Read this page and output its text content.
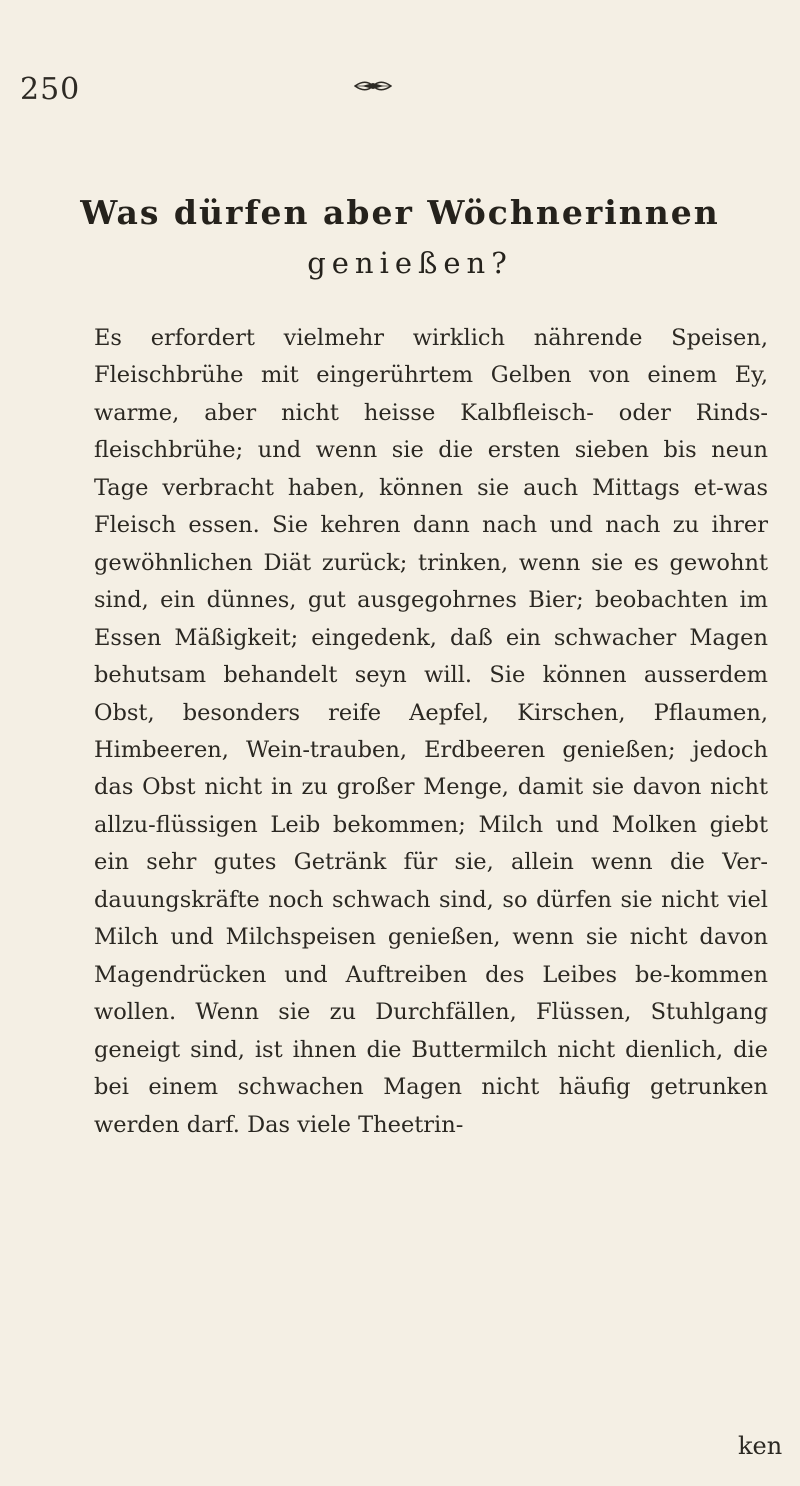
250
Was dürfen aber Wöchnerinnen
genießen?

Es erfordert vielmehr wirklich nährende Speisen, Fleischbrühe mit eingerührtem Gelben von einem Ey, warme, aber nicht heisse Kalbfleisch- oder Rinds-fleischbrühe; und wenn sie die ersten sieben bis neun Tage verbracht haben, können sie auch Mittags et-was Fleisch essen. Sie kehren dann nach und nach zu ihrer gewöhnlichen Diät zurück; trinken, wenn sie es gewohnt sind, ein dünnes, gut ausgegohrnes Bier; beobachten im Essen Mäßigkeit; eingedenk, daß ein schwacher Magen behutsam behandelt seyn will. Sie können ausserdem Obst, besonders reife Aepfel, Kirschen, Pflaumen, Himbeeren, Wein-trauben, Erdbeeren genießen; jedoch das Obst nicht in zu großer Menge, damit sie davon nicht allzu-flüssigen Leib bekommen; Milch und Molken giebt ein sehr gutes Getränk für sie, allein wenn die Ver-dauungskräfte noch schwach sind, so dürfen sie nicht viel Milch und Milchspeisen genießen, wenn sie nicht davon Magendrücken und Auftreiben des Leibes be-kommen wollen. Wenn sie zu Durchfällen, Flüssen, Stuhlgang geneigt sind, ist ihnen die Buttermilch nicht dienlich, die bei einem schwachen Magen nicht häufig getrunken werden darf. Das viele Theetrin-

ken
